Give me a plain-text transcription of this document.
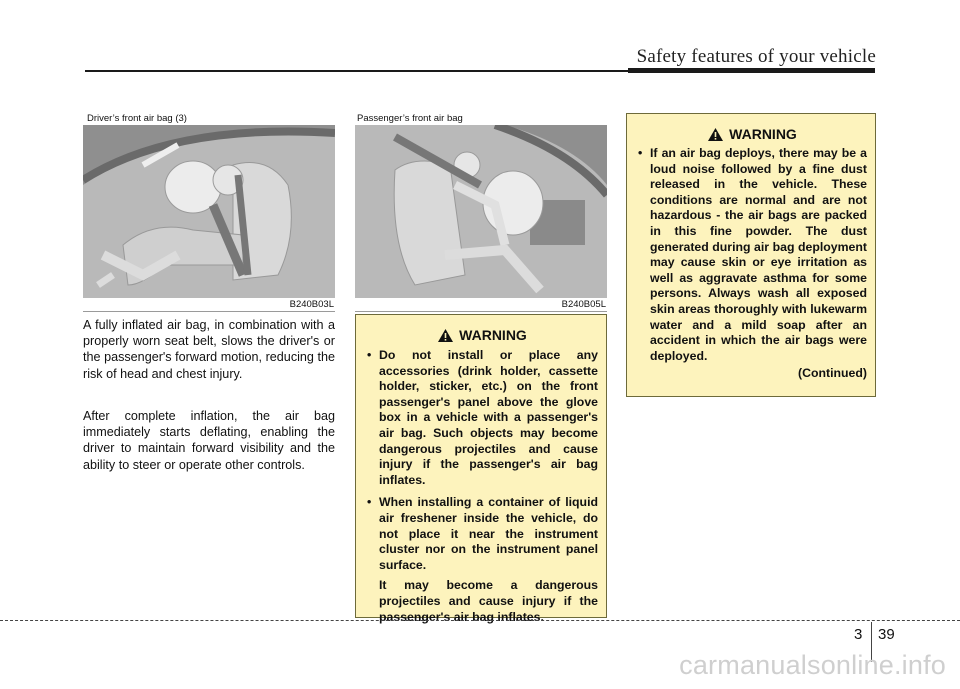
Safety features of your vehicle
Driver’s front air bag (3)
B240B03L
Passenger’s front air bag
B240B05L
A fully inflated air bag, in combination with a properly worn seat belt, slows the driver's or the passenger's forward motion, reducing the risk of head and chest injury.
After complete inflation, the air bag immediately starts deflating, enabling the driver to maintain forward visibility and the ability to steer or operate other controls.
WARNING
• Do not install or place any accessories (drink holder, cassette holder, sticker, etc.) on the front passenger's panel above the glove box in a vehicle with a passenger's air bag. Such objects may become dangerous projectiles and cause injury if the passenger's air bag inflates.
• When installing a container of liquid air freshener inside the vehicle, do not place it near the instrument cluster nor on the instrument panel surface.
It may become a dangerous projectiles and cause injury if the passenger's air bag inflates.
WARNING
• If an air bag deploys, there may be a loud noise followed by a fine dust released in the vehicle. These conditions are normal and are not hazardous - the air bags are packed in this fine powder. The dust generated during air bag deployment may cause skin or eye irritation as well as aggravate asthma for some persons. Always wash all exposed skin areas thoroughly with lukewarm water and a mild soap after an accident in which the air bags were deployed.
(Continued)
3 39
carmanualsonline.info
